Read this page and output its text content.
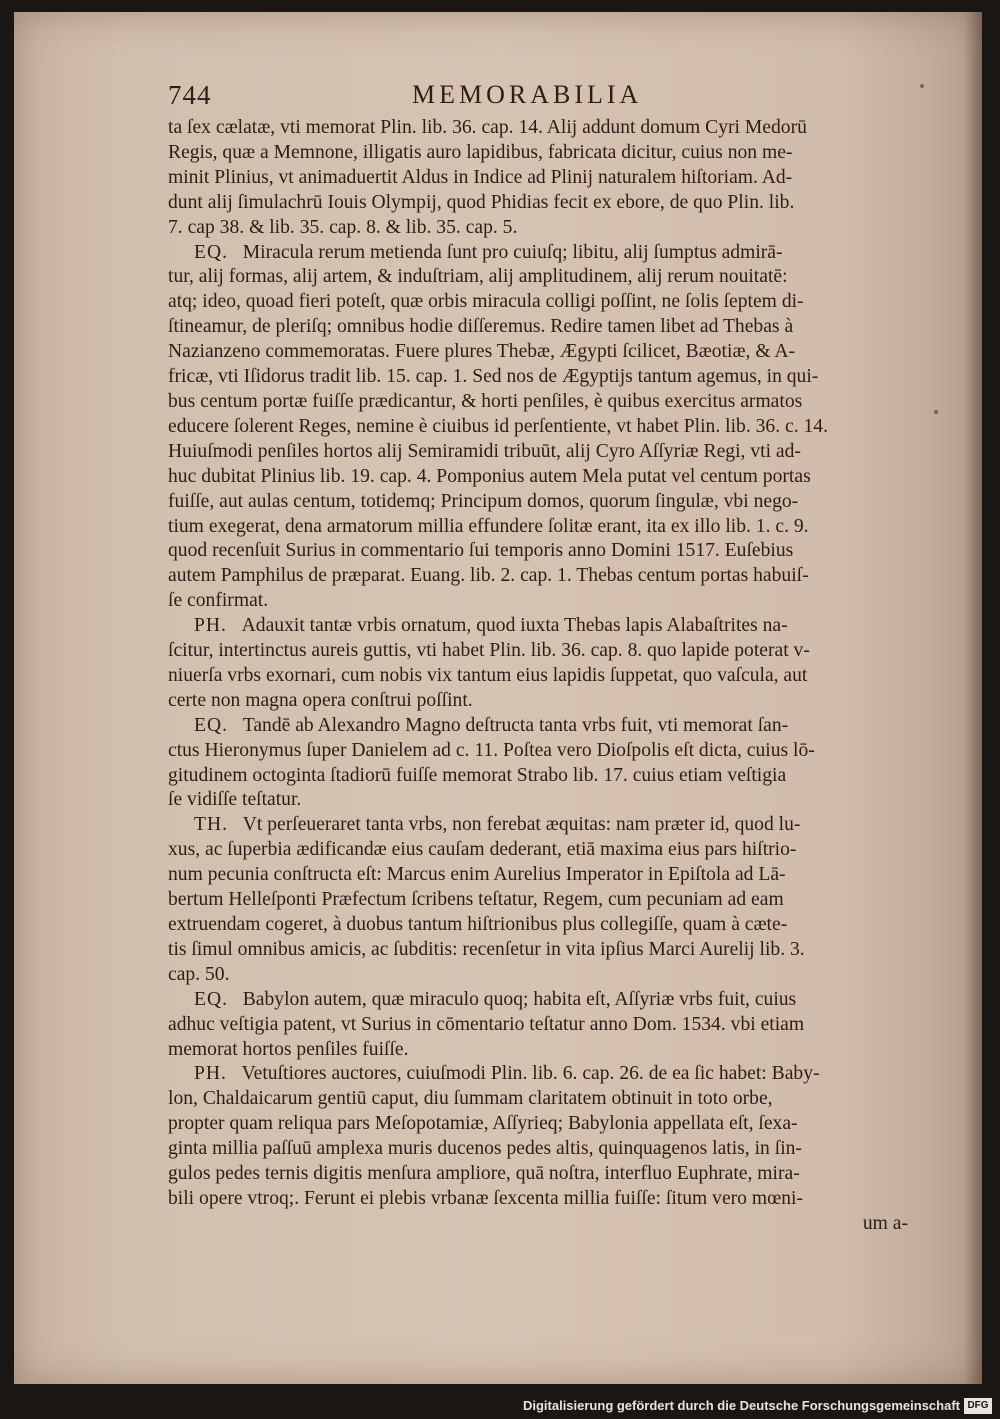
744	MEMORABILIA

ta ſex cælatæ, vti memorat Plin. lib. 36. cap. 14. Alij addunt domum Cyri Medorū
Regis, quæ a Memnone, illigatis auro lapidibus, fabricata dicitur, cuius non me-
minit Plinius, vt animaduertit Aldus in Indice ad Plinij naturalem hiſtoriam. Ad-
dunt alij ſimulachrū Iouis Olympij, quod Phidias fecit ex ebore, de quo Plin. lib.
7. cap 38. & lib. 35. cap. 8. & lib. 35. cap. 5.

EQ. Miracula rerum metienda ſunt pro cuiuſq; libitu, alij ſumptus admirā-
tur, alij formas, alij artem, & induſtriam, alij amplitudinem, alij rerum nouitatē:
atq; ideo, quoad fieri poteſt, quæ orbis miracula colligi poſſint, ne ſolis ſeptem di-
ſtineamur, de pleriſq; omnibus hodie diſſeremus. Redire tamen libet ad Thebas à
Nazianzeno commemoratas. Fuere plures Thebæ, Ægypti ſcilicet, Bæotiæ, & A-
fricæ, vti Iſidorus tradit lib. 15. cap. 1. Sed nos de Ægyptijs tantum agemus, in qui-
bus centum portæ fuiſſe prædicantur, & horti penſiles, è quibus exercitus armatos
educere ſolerent Reges, nemine è ciuibus id perſentiente, vt habet Plin. lib. 36. c. 14.
Huiuſmodi penſiles hortos alij Semiramidi tribuūt, alij Cyro Aſſyriæ Regi, vti ad-
huc dubitat Plinius lib. 19. cap. 4. Pomponius autem Mela putat vel centum portas
fuiſſe, aut aulas centum, totidemq; Principum domos, quorum ſingulæ, vbi nego-
tium exegerat, dena armatorum millia effundere ſolitæ erant, ita ex illo lib. 1. c. 9.
quod recenſuit Surius in commentario ſui temporis anno Domini 1517. Euſebius
autem Pamphilus de præparat. Euang. lib. 2. cap. 1. Thebas centum portas habuiſ-
ſe confirmat.

PH. Adauxit tantæ vrbis ornatum, quod iuxta Thebas lapis Alabaſtrites na-
ſcitur, intertinctus aureis guttis, vti habet Plin. lib. 36. cap. 8. quo lapide poterat v-
niuerſa vrbs exornari, cum nobis vix tantum eius lapidis ſuppetat, quo vaſcula, aut
certe non magna opera conſtrui poſſint.

EQ. Tandē ab Alexandro Magno deſtructa tanta vrbs fuit, vti memorat ſan-
ctus Hieronymus ſuper Danielem ad c. 11. Poſtea vero Dioſpolis eſt dicta, cuius lō-
gitudinem octoginta ſtadiorū fuiſſe memorat Strabo lib. 17. cuius etiam veſtigia
ſe vidiſſe teſtatur.

TH. Vt perſeueraret tanta vrbs, non ferebat æquitas: nam præter id, quod lu-
xus, ac ſuperbia ædificandæ eius cauſam dederant, etiā maxima eius pars hiſtrio-
num pecunia conſtructa eſt: Marcus enim Aurelius Imperator in Epiſtola ad Lā-
bertum Helleſponti Præfectum ſcribens teſtatur, Regem, cum pecuniam ad eam
extruendam cogeret, à duobus tantum hiſtrionibus plus collegiſſe, quam à cæte-
tis ſimul omnibus amicis, ac ſubditis: recenſetur in vita ipſius Marci Aurelij lib. 3.
cap. 50.

EQ. Babylon autem, quæ miraculo quoq; habita eſt, Aſſyriæ vrbs fuit, cuius
adhuc veſtigia patent, vt Surius in cōmentario teſtatur anno Dom. 1534. vbi etiam
memorat hortos penſiles fuiſſe.

PH. Vetuſtiores auctores, cuiuſmodi Plin. lib. 6. cap. 26. de ea ſic habet: Baby-
lon, Chaldaicarum gentiū caput, diu ſummam claritatem obtinuit in toto orbe,
propter quam reliqua pars Meſopotamiæ, Aſſyrieq; Babylonia appellata eſt, ſexa-
ginta millia paſſuū amplexa muris ducenos pedes altis, quinquagenos latis, in ſin-
gulos pedes ternis digitis menſura ampliore, quā noſtra, interfluo Euphrate, mira-
bili opere vtroq;. Ferunt ei plebis vrbanæ ſexcenta millia fuiſſe: ſitum vero mœni-

um a-
Digitalisierung gefördert durch die Deutsche Forschungsgemeinschaft DFG
